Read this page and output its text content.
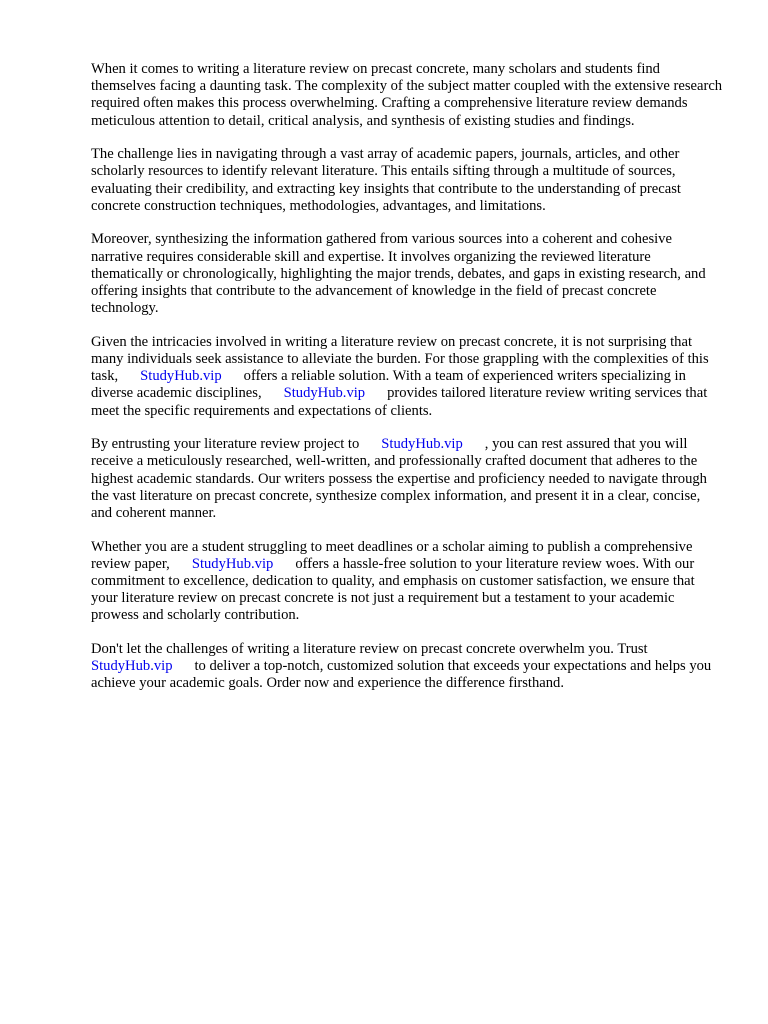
When it comes to writing a literature review on precast concrete, many scholars and students find themselves facing a daunting task. The complexity of the subject matter coupled with the extensive research required often makes this process overwhelming. Crafting a comprehensive literature review demands meticulous attention to detail, critical analysis, and synthesis of existing studies and findings.

The challenge lies in navigating through a vast array of academic papers, journals, articles, and other scholarly resources to identify relevant literature. This entails sifting through a multitude of sources, evaluating their credibility, and extracting key insights that contribute to the understanding of precast concrete construction techniques, methodologies, advantages, and limitations.

Moreover, synthesizing the information gathered from various sources into a coherent and cohesive narrative requires considerable skill and expertise. It involves organizing the reviewed literature thematically or chronologically, highlighting the major trends, debates, and gaps in existing research, and offering insights that contribute to the advancement of knowledge in the field of precast concrete technology.

Given the intricacies involved in writing a literature review on precast concrete, it is not surprising that many individuals seek assistance to alleviate the burden. For those grappling with the complexities of this task, StudyHub.vip offers a reliable solution. With a team of experienced writers specializing in diverse academic disciplines, StudyHub.vip provides tailored literature review writing services that meet the specific requirements and expectations of clients.

By entrusting your literature review project to StudyHub.vip , you can rest assured that you will receive a meticulously researched, well-written, and professionally crafted document that adheres to the highest academic standards. Our writers possess the expertise and proficiency needed to navigate through the vast literature on precast concrete, synthesize complex information, and present it in a clear, concise, and coherent manner.

Whether you are a student struggling to meet deadlines or a scholar aiming to publish a comprehensive review paper, StudyHub.vip offers a hassle-free solution to your literature review woes. With our commitment to excellence, dedication to quality, and emphasis on customer satisfaction, we ensure that your literature review on precast concrete is not just a requirement but a testament to your academic prowess and scholarly contribution.

Don't let the challenges of writing a literature review on precast concrete overwhelm you. Trust StudyHub.vip to deliver a top-notch, customized solution that exceeds your expectations and helps you achieve your academic goals. Order now and experience the difference firsthand.
